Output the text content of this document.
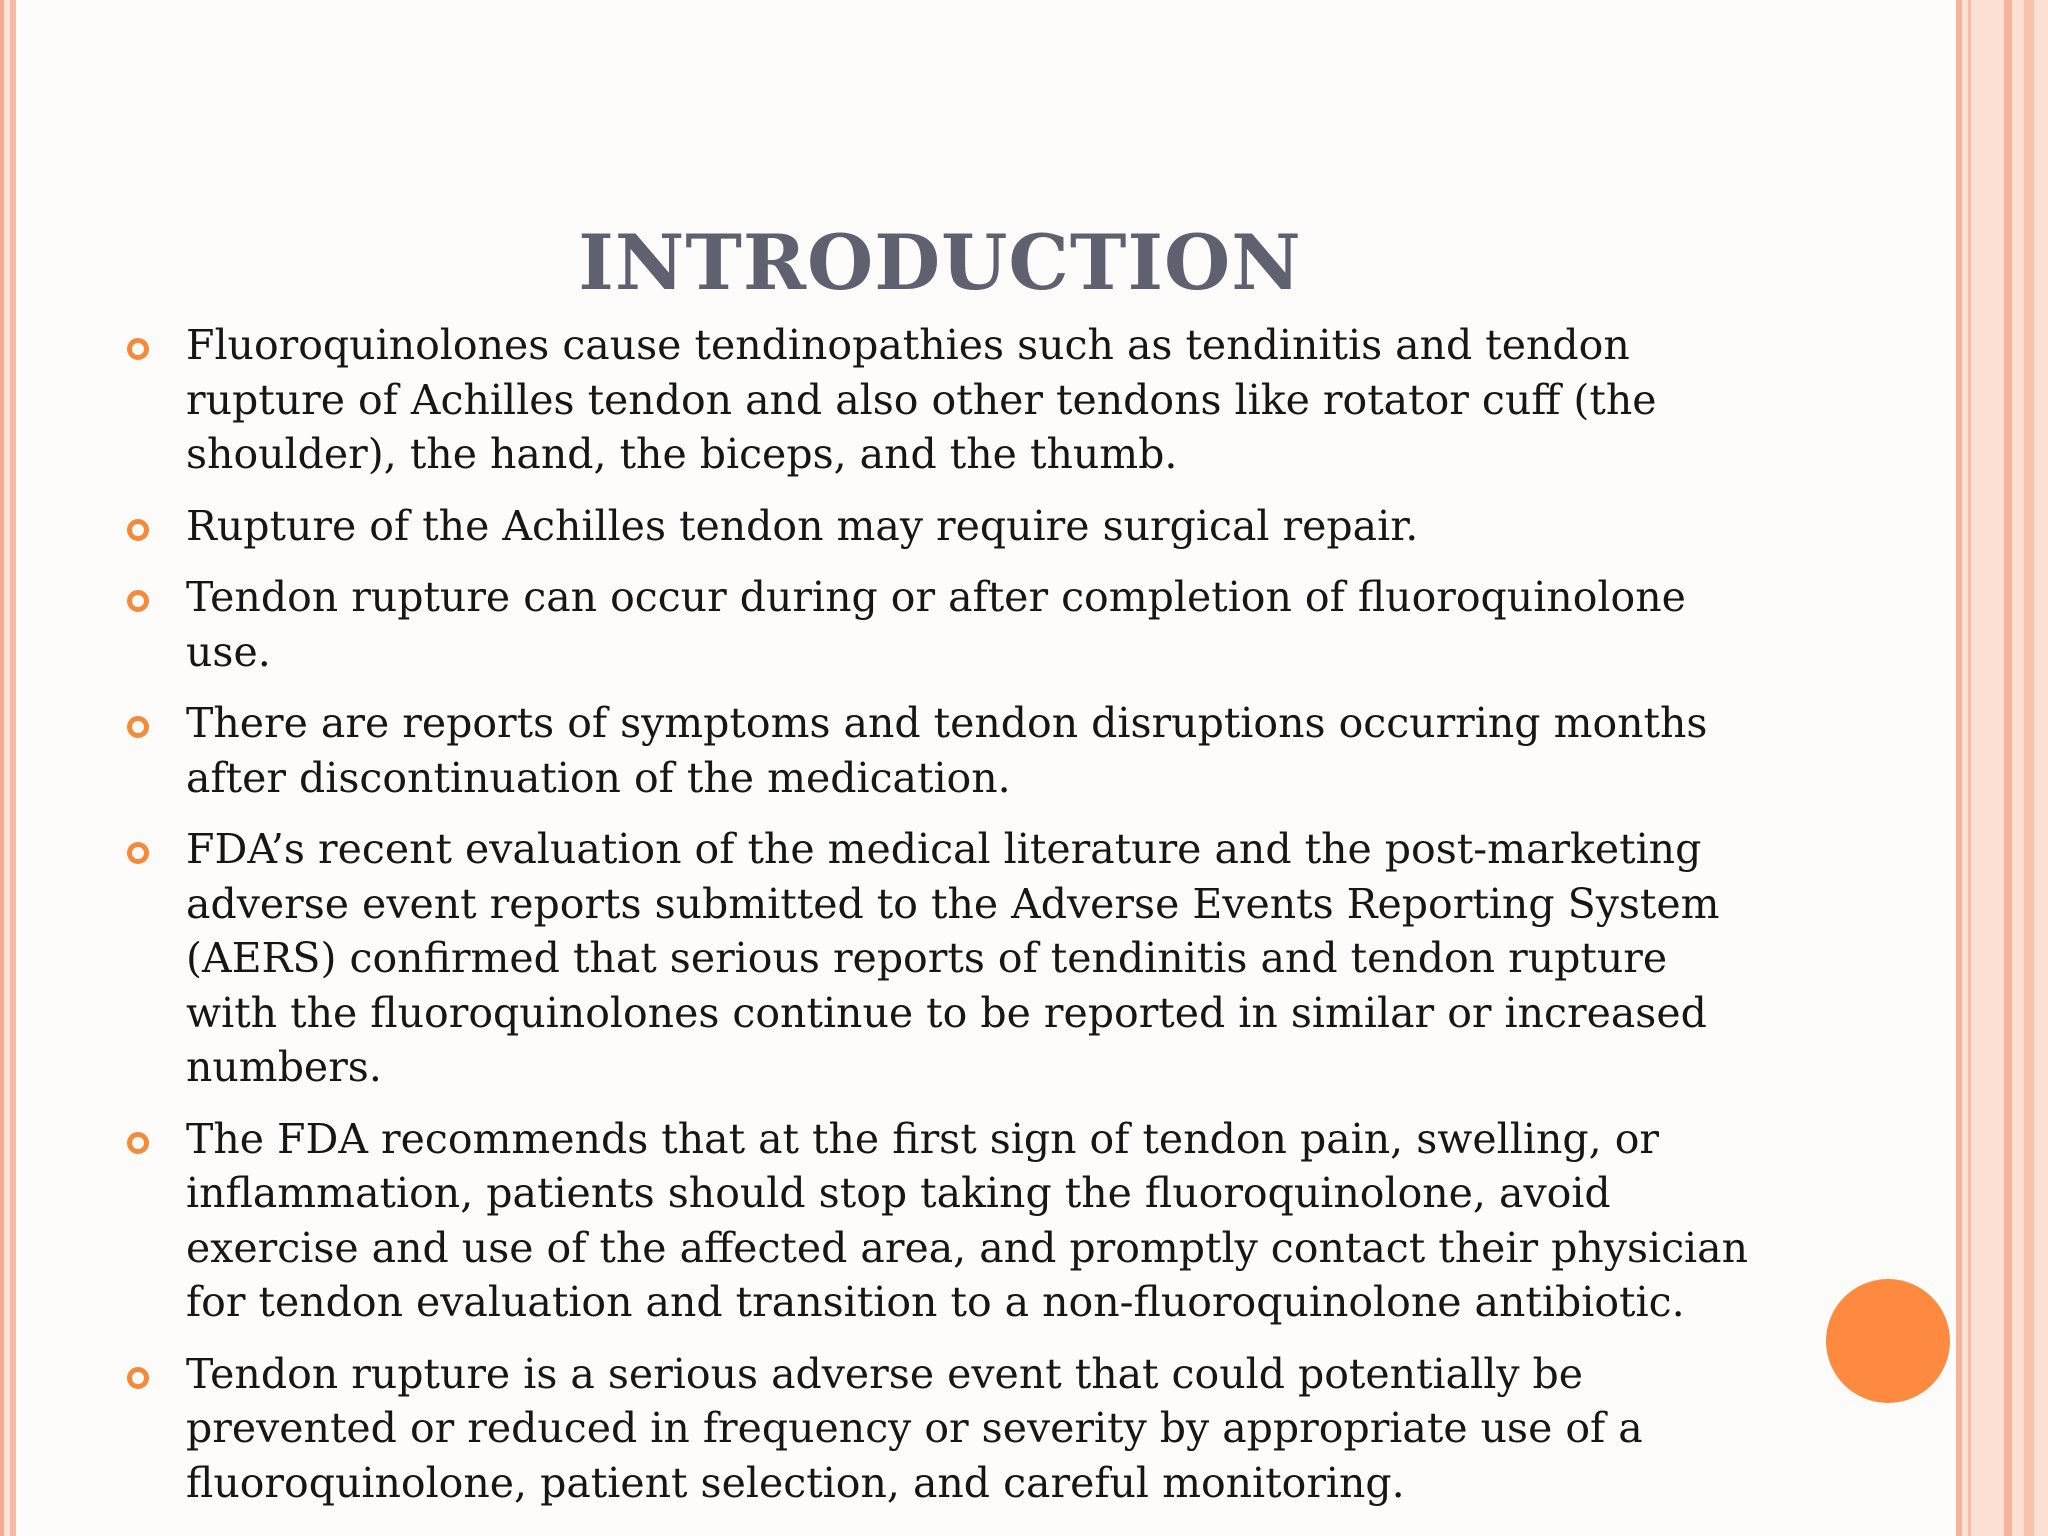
INTRODUCTION
Fluoroquinolones cause tendinopathies such as tendinitis and tendon rupture of Achilles tendon and also other tendons like rotator cuff (the shoulder), the hand, the biceps, and the thumb.
Rupture of the Achilles tendon may require surgical repair.
Tendon rupture can occur during or after completion of fluoroquinolone use.
There are reports of symptoms and tendon disruptions occurring months after discontinuation of the medication.
FDA’s recent evaluation of the medical literature and the post-marketing adverse event reports submitted to the Adverse Events Reporting System (AERS) confirmed that serious reports of tendinitis and tendon rupture with the fluoroquinolones continue to be reported in similar or increased numbers.
The FDA recommends that at the first sign of tendon pain, swelling, or inflammation, patients should stop taking the fluoroquinolone, avoid exercise and use of the affected area, and promptly contact their physician for tendon evaluation and transition to a non-fluoroquinolone antibiotic.
Tendon rupture is a serious adverse event that could potentially be prevented or reduced in frequency or severity by appropriate use of a fluoroquinolone, patient selection, and careful monitoring.
